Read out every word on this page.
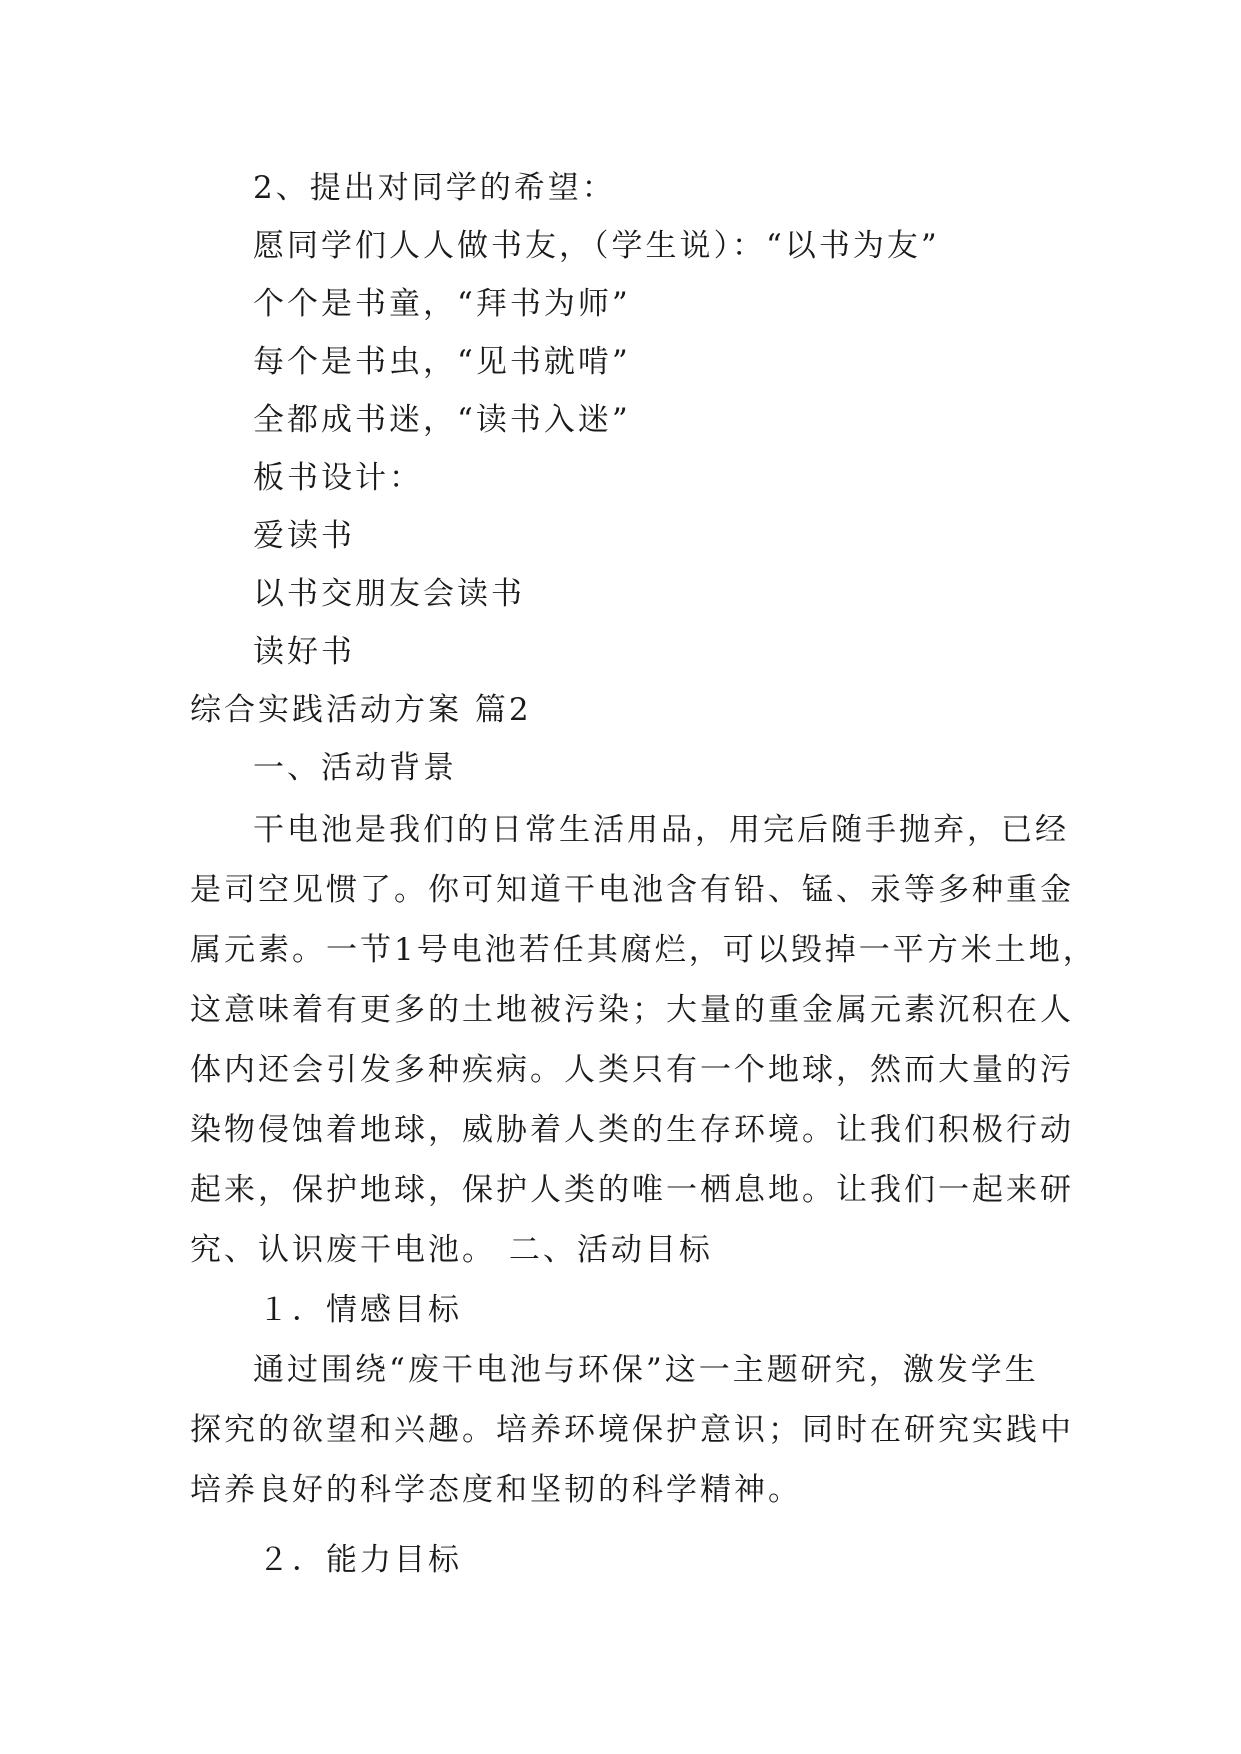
2、提出对同学的希望：
愿同学们人人做书友，（学生说）：“以书为友”
个个是书童，“拜书为师”
每个是书虫，“见书就啃”
全都成书迷，“读书入迷”
板书设计：
爱读书
以书交朋友会读书
读好书
综合实践活动方案 篇2
一、活动背景
干电池是我们的日常生活用品，用完后随手抛弃，已经
是司空见惯了。你可知道干电池含有铅、锰、汞等多种重金
属元素。一节1号电池若任其腐烂，可以毁掉一平方米土地，
这意味着有更多的土地被污染；大量的重金属元素沉积在人
体内还会引发多种疾病。人类只有一个地球，然而大量的污
染物侵蚀着地球，威胁着人类的生存环境。让我们积极行动
起来，保护地球，保护人类的唯一栖息地。让我们一起来研
究、认识废干电池。 二、活动目标
１．情感目标
通过围绕“废干电池与环保”这一主题研究，激发学生
探究的欲望和兴趣。培养环境保护意识；同时在研究实践中
培养良好的科学态度和坚韧的科学精神。
２．能力目标
